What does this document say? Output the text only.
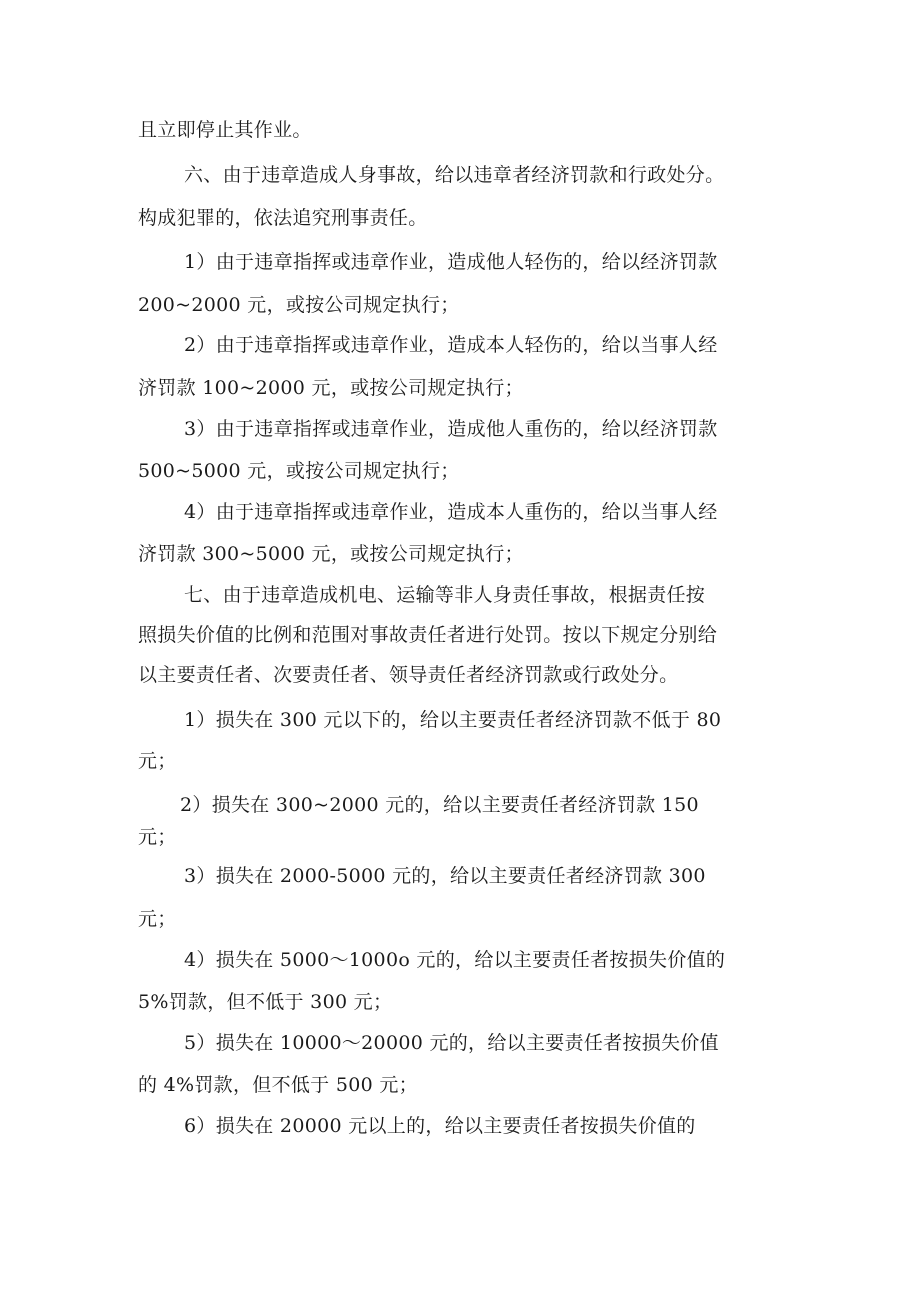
且立即停止其作业。
六、由于违章造成人身事故，给以违章者经济罚款和行政处分。
构成犯罪的，依法追究刑事责任。
1）由于违章指挥或违章作业，造成他人轻伤的，给以经济罚款
200~2000 元，或按公司规定执行；
2）由于违章指挥或违章作业，造成本人轻伤的，给以当事人经
济罚款 100~2000 元，或按公司规定执行；
3）由于违章指挥或违章作业，造成他人重伤的，给以经济罚款
500~5000 元，或按公司规定执行；
4）由于违章指挥或违章作业，造成本人重伤的，给以当事人经
济罚款 300~5000 元，或按公司规定执行；
七、由于违章造成机电、运输等非人身责任事故，根据责任按
照损失价值的比例和范围对事故责任者进行处罚。按以下规定分别给
以主要责任者、次要责任者、领导责任者经济罚款或行政处分。
1）损失在 300 元以下的，给以主要责任者经济罚款不低于 80
元；
2）损失在 300~2000 元的，给以主要责任者经济罚款 150
元；
3）损失在 2000-5000 元的，给以主要责任者经济罚款 300
元；
4）损失在 5000～1000o 元的，给以主要责任者按损失价值的
5%罚款，但不低于 300 元；
5）损失在 10000～20000 元的，给以主要责任者按损失价值
的 4%罚款，但不低于 500 元；
6）损失在 20000 元以上的，给以主要责任者按损失价值的
